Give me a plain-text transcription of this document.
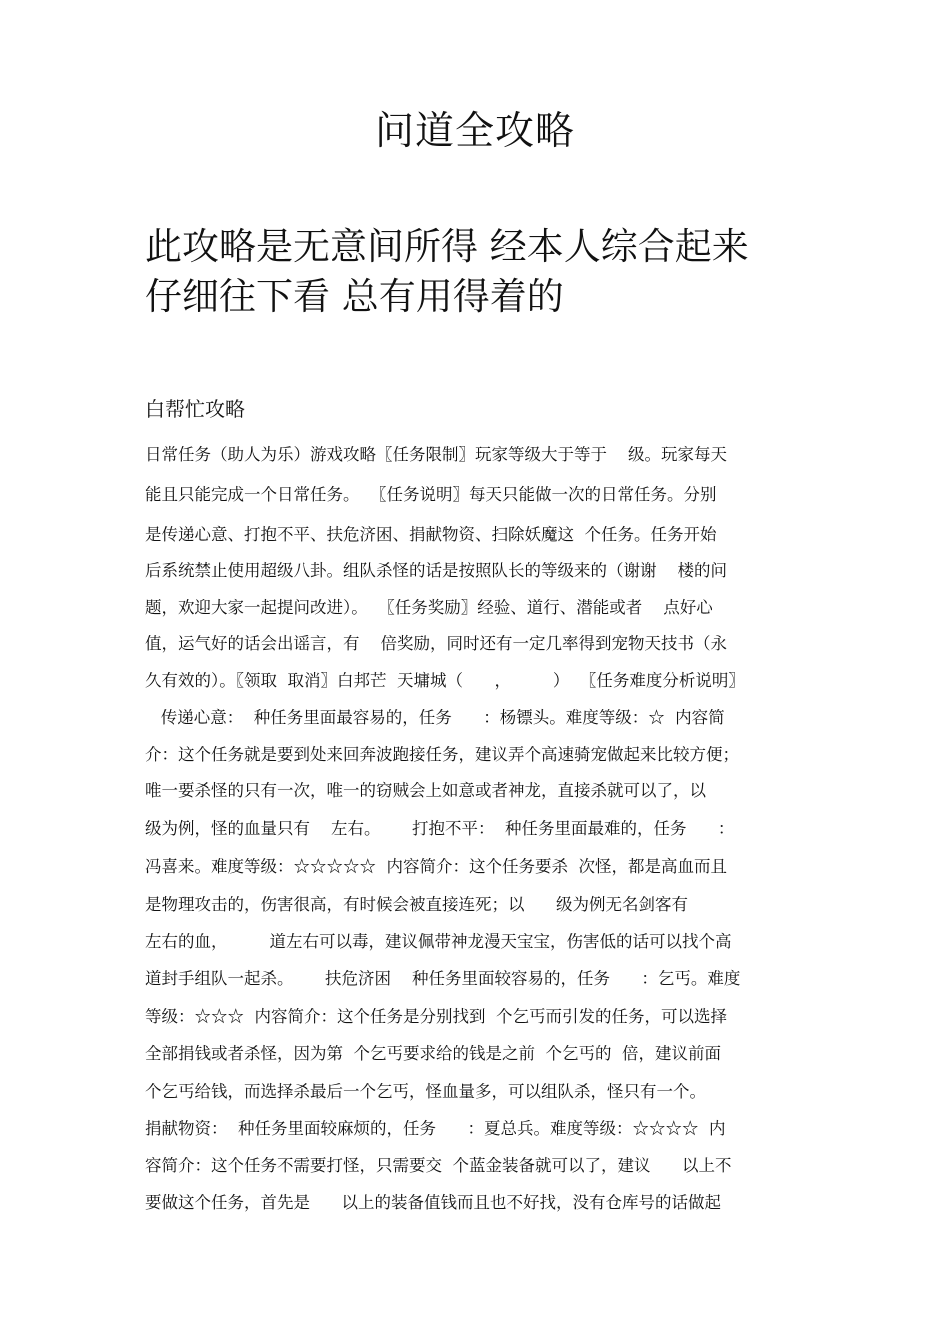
问道全攻略
此攻略是无意间所得 经本人综合起来
仔细往下看 总有用得着的
白帮忙攻略
日常任务（助人为乐）游戏攻略〖任务限制〗玩家等级大于等于    级。玩家每天
能且只能完成一个日常任务。  〖任务说明〗每天只能做一次的日常任务。分别
是传递心意、打抱不平、扶危济困、捐献物资、扫除妖魔这  个任务。任务开始
后系统禁止使用超级八卦。组队杀怪的话是按照队长的等级来的（谢谢    楼的问
题，欢迎大家一起提问改进）。  〖任务奖励〗经验、道行、潜能或者    点好心
值，运气好的话会出谣言，有    倍奖励，同时还有一定几率得到宠物天技书（永
久有效的）。〖领取  取消〗白邦芒  天墉城（      ，        ）  〖任务难度分析说明〗
传递心意：  种任务里面最容易的，任务      ：杨镖头。难度等级：☆  内容简
介：这个任务就是要到处来回奔波跑接任务，建议弄个高速骑宠做起来比较方便；
唯一要杀怪的只有一次，唯一的窃贼会上如意或者神龙，直接杀就可以了，以
级为例，怪的血量只有    左右。      打抱不平：  种任务里面最难的，任务      ：
冯喜来。难度等级：☆☆☆☆☆  内容简介：这个任务要杀  次怪，都是高血而且
是物理攻击的，伤害很高，有时候会被直接连死；以      级为例无名剑客有
左右的血，        道左右可以毒，建议佩带神龙漫天宝宝，伤害低的话可以找个高
道封手组队一起杀。      扶危济困    种任务里面较容易的，任务      ：乞丐。难度
等级：☆☆☆  内容简介：这个任务是分别找到  个乞丐而引发的任务，可以选择
全部捐钱或者杀怪，因为第  个乞丐要求给的钱是之前  个乞丐的  倍，建议前面
个乞丐给钱，而选择杀最后一个乞丐，怪血量多，可以组队杀，怪只有一个。
捐献物资：  种任务里面较麻烦的，任务      ：夏总兵。难度等级：☆☆☆☆  内
容简介：这个任务不需要打怪，只需要交  个蓝金装备就可以了，建议      以上不
要做这个任务，首先是      以上的装备值钱而且也不好找，没有仓库号的话做起
